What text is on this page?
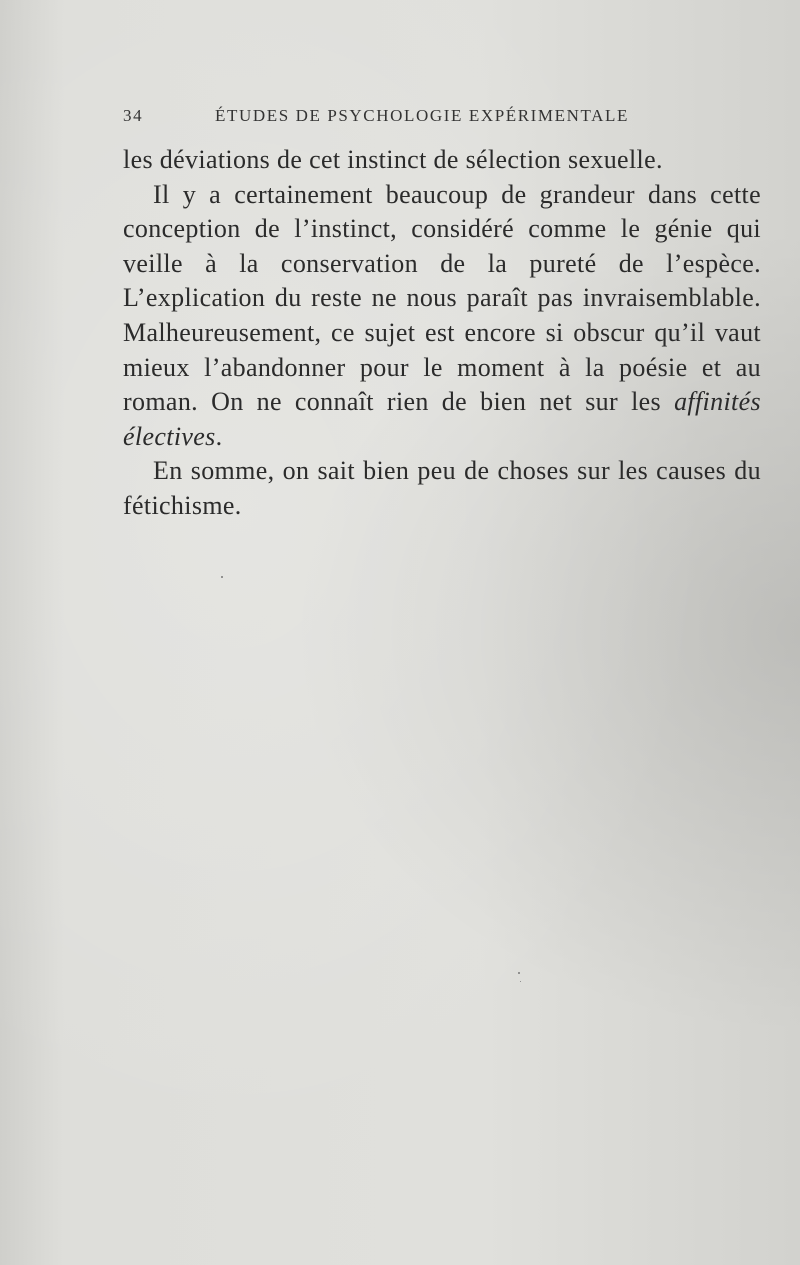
34	ÉTUDES DE PSYCHOLOGIE EXPÉRIMENTALE

les déviations de cet instinct de sélection sexuelle.

Il y a certainement beaucoup de grandeur dans cette conception de l’instinct, considéré comme le génie qui veille à la conservation de la pureté de l’espèce. L’explication du reste ne nous paraît pas invraisemblable. Malheureusement, ce sujet est encore si obscur qu’il vaut mieux l’abandonner pour le moment à la poésie et au roman. On ne connaît rien de bien net sur les affinités électives.

En somme, on sait bien peu de choses sur les causes du fétichisme.
